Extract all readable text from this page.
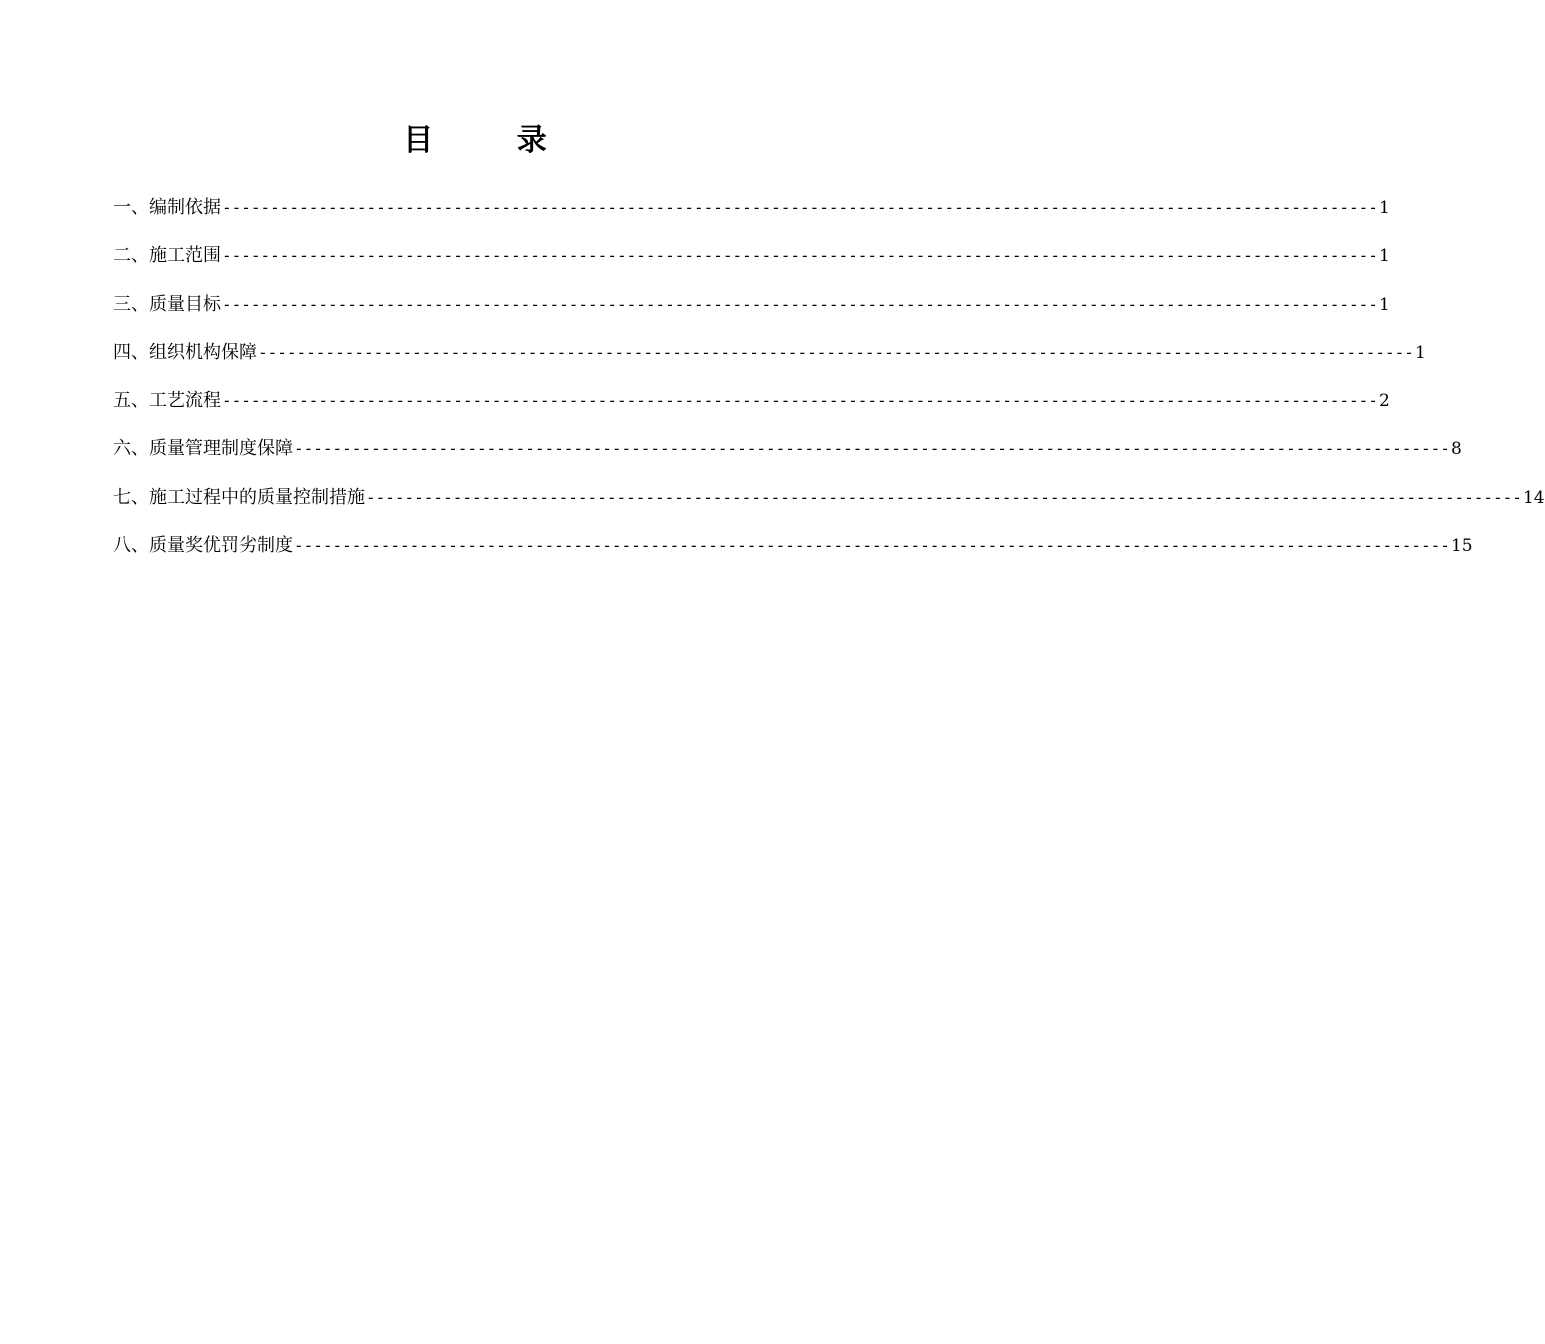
目        录
一、编制依据 ------------------------------------------------------------------------------------------------------------------------ 1
二、施工范围 ------------------------------------------------------------------------------------------------------------------------ 1
三、质量目标 ------------------------------------------------------------------------------------------------------------------------ 1
四、组织机构保障 ------------------------------------------------------------------------------------------------------------------------ 1
五、工艺流程 ------------------------------------------------------------------------------------------------------------------------ 2
六、质量管理制度保障 ------------------------------------------------------------------------------------------------------------------------ 8
七、施工过程中的质量控制措施 ------------------------------------------------------------------------------------------------------------------------ 14
八、质量奖优罚劣制度 ------------------------------------------------------------------------------------------------------------------------ 15
